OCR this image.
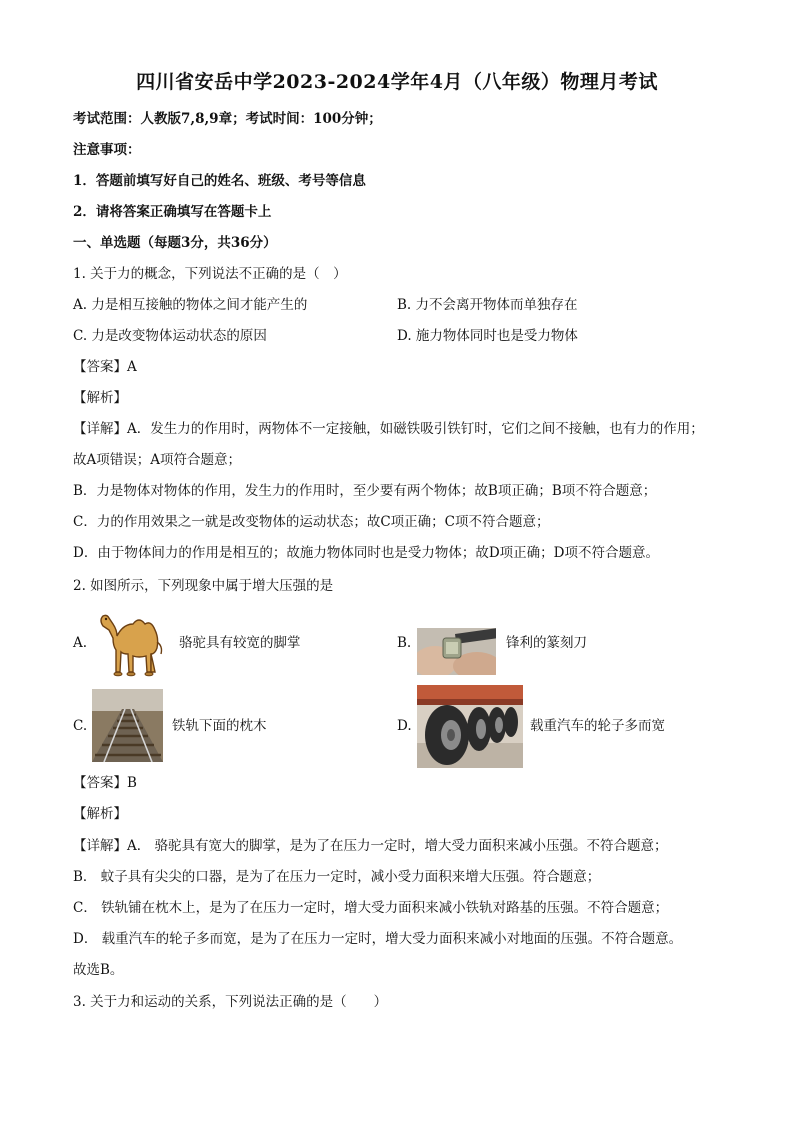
四川省安岳中学2023-2024学年4月（八年级）物理月考试
考试范围：人教版7,8,9章；考试时间：100分钟；
注意事项：
1．答题前填写好自己的姓名、班级、考号等信息
2．请将答案正确填写在答题卡上
一、单选题（每题3分，共36分）
1. 关于力的概念，下列说法不正确的是（　）
A. 力是相互接触的物体之间才能产生的	B. 力不会离开物体而单独存在
C. 力是改变物体运动状态的原因	D. 施力物体同时也是受力物体
【答案】A
【解析】
【详解】A．发生力的作用时，两物体不一定接触，如磁铁吸引铁钉时，它们之间不接触，也有力的作用；
故A项错误；A项符合题意；
B．力是物体对物体的作用，发生力的作用时，至少要有两个物体；故B项正确；B项不符合题意；
C．力的作用效果之一就是改变物体的运动状态；故C项正确；C项不符合题意；
D．由于物体间力的作用是相互的；故施力物体同时也是受力物体；故D项正确；D项不符合题意。
2. 如图所示，下列现象中属于增大压强的是
A.	骆驼具有较宽的脚掌	B.	锋利的篆刻刀
C.	铁轨下面的枕木	D.	载重汽车的轮子多而宽
【答案】B
【解析】
【详解】A． 骆驼具有宽大的脚掌，是为了在压力一定时，增大受力面积来减小压强。不符合题意；
B． 蚊子具有尖尖的口器，是为了在压力一定时，减小受力面积来增大压强。符合题意；
C． 铁轨铺在枕木上，是为了在压力一定时，增大受力面积来减小铁轨对路基的压强。不符合题意；
D． 载重汽车的轮子多而宽，是为了在压力一定时，增大受力面积来减小对地面的压强。不符合题意。
故选B。
3. 关于力和运动的关系，下列说法正确的是（　　）
